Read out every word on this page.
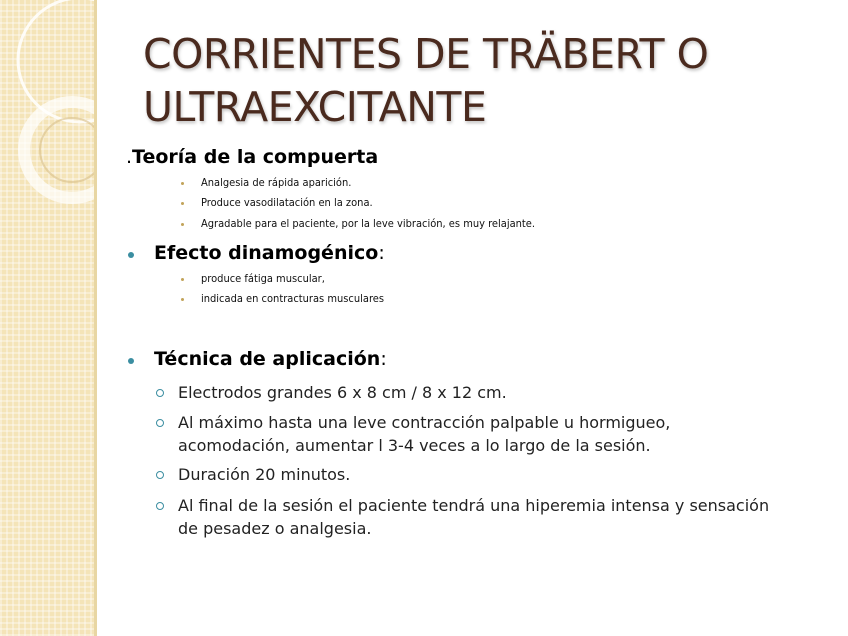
CORRIENTES DE TRÄBERT O
ULTRAEXCITANTE
.Teoría de la compuerta
Analgesia de rápida aparición.
Produce vasodilatación en la zona.
Agradable para el paciente, por la leve vibración, es muy relajante.
Efecto dinamogénico:
produce fátiga muscular,
indicada en contracturas musculares
Técnica de aplicación:
Electrodos grandes 6 x 8 cm / 8 x 12 cm.
Al máximo hasta una leve contracción palpable u hormigueo, acomodación, aumentar l 3-4 veces a lo largo de la sesión.
Duración 20 minutos.
Al final de la sesión el paciente tendrá una hiperemia intensa y sensación de pesadez o analgesia.
